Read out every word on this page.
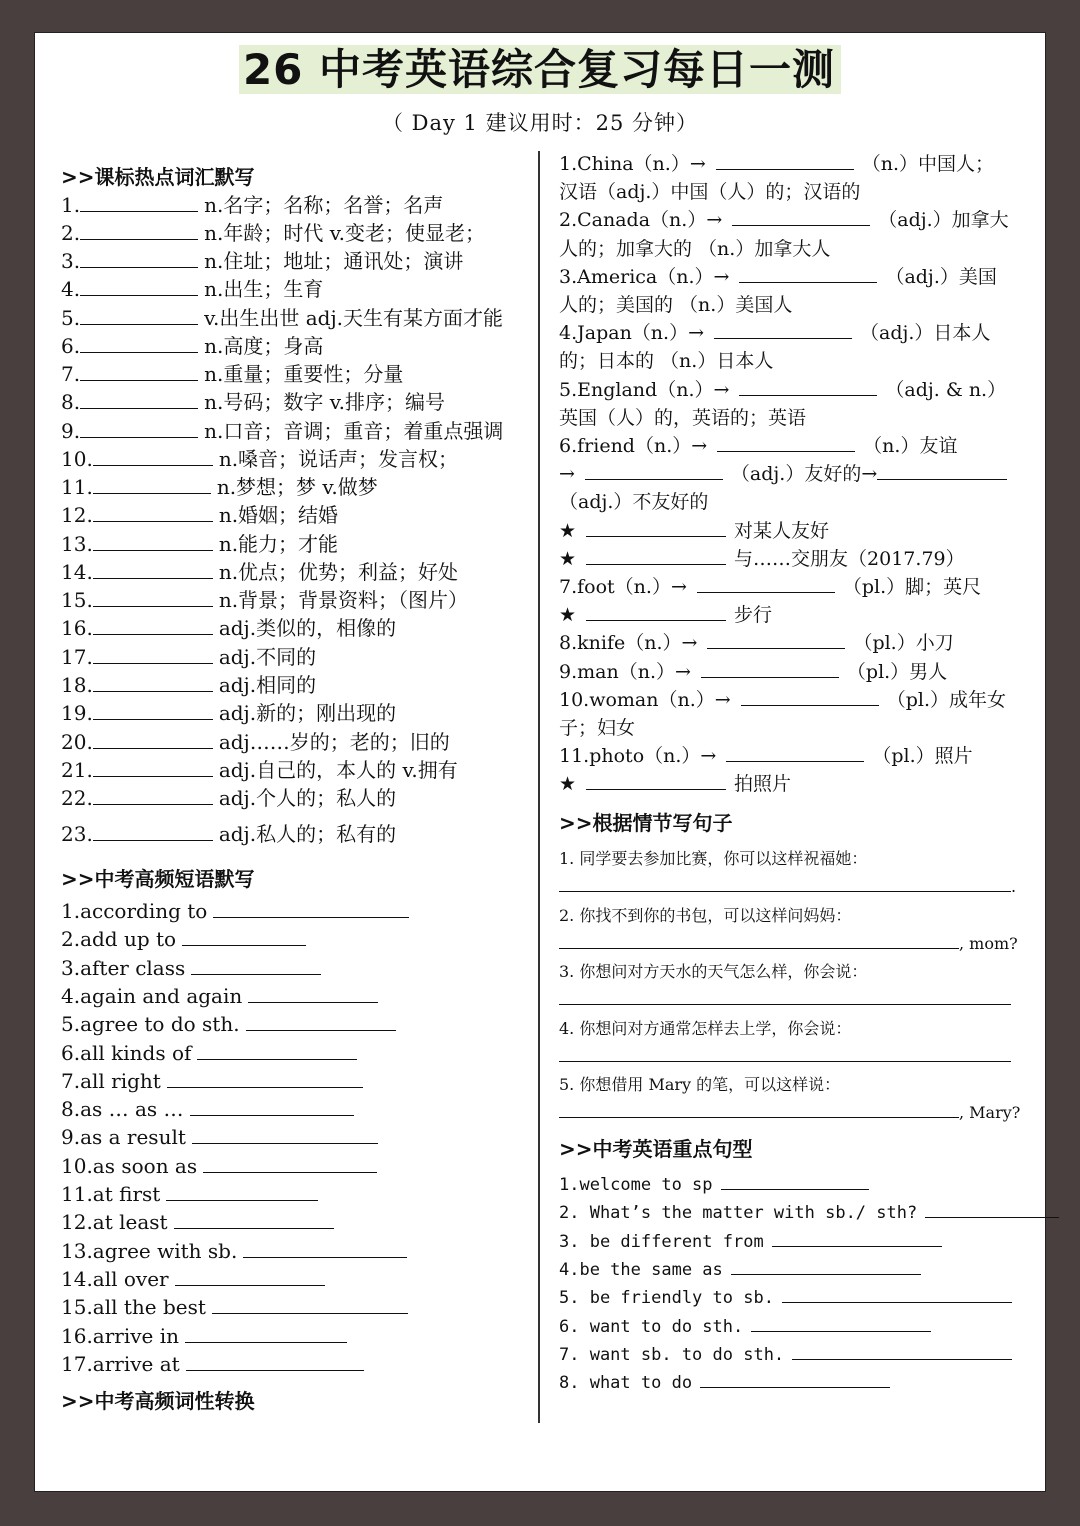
26 中考英语综合复习每日一测
（ Day 1 建议用时：25 分钟）
>>课标热点词汇默写
1.	n.名字；名称；名誉；名声
2.	n.年龄；时代 v.变老；使显老；
3.	n.住址；地址；通讯处；演讲
4.	n.出生；生育
5.	v.出生出世 adj.天生有某方面才能
6.	n.高度；身高
7.	n.重量；重要性；分量
8.	n.号码；数字 v.排序；编号
9.	n.口音；音调；重音；着重点强调
10.	n.嗓音；说话声；发言权；
11.	n.梦想；梦 v.做梦
12.	n.婚姻；结婚
13.	n.能力；才能
14.	n.优点；优势；利益；好处
15.	n.背景；背景资料；（图片）
16.	adj.类似的，相像的
17.	adj.不同的
18.	adj.相同的
19.	adj.新的；刚出现的
20.	adj……岁的；老的；旧的
21.	adj.自己的，本人的 v.拥有
22.	adj.个人的；私人的
23.	adj.私人的；私有的
>>中考高频短语默写
1.according to
2.add up to
3.after class
4.again and again
5.agree to do sth.
6.all kinds of
7.all right
8.as … as …
9.as a result
10.as soon as
11.at first
12.at least
13.agree with sb.
14.all over
15.all the best
16.arrive in
17.arrive at
>>中考高频词性转换
1.China（n.）→	（n.）中国人；
汉语（adj.）中国（人）的；汉语的
2.Canada（n.）→	（adj.）加拿大
人的；加拿大的 （n.）加拿大人
3.America（n.）→	（adj.）美国
人的；美国的 （n.）美国人
4.Japan（n.）→	（adj.）日本人
的；日本的 （n.）日本人
5.England（n.）→	（adj. & n.）
英国（人）的，英语的；英语
6.friend（n.）→	（n.）友谊
→	（adj.）友好的→
（adj.）不友好的
★	对某人友好
★	与……交朋友（2017.79）
7.foot（n.）→	（pl.）脚；英尺
★	步行
8.knife（n.）→	（pl.）小刀
9.man（n.）→	（pl.）男人
10.woman（n.）→	（pl.）成年女
子；妇女
11.photo（n.）→	（pl.）照片
★	拍照片
>>根据情节写句子
1. 同学要去参加比赛，你可以这样祝福她：
.
2. 你找不到你的书包，可以这样问妈妈：
, mom?
3. 你想问对方天水的天气怎么样，你会说：
4. 你想问对方通常怎样去上学，你会说：
5. 你想借用 Mary 的笔，可以这样说：
, Mary?
>>中考英语重点句型
1.welcome to sp
2. What’s the matter with sb./ sth?
3. be different from
4.be the same as
5. be friendly to sb.
6. want to do sth.
7. want sb. to do sth.
8. what to do
